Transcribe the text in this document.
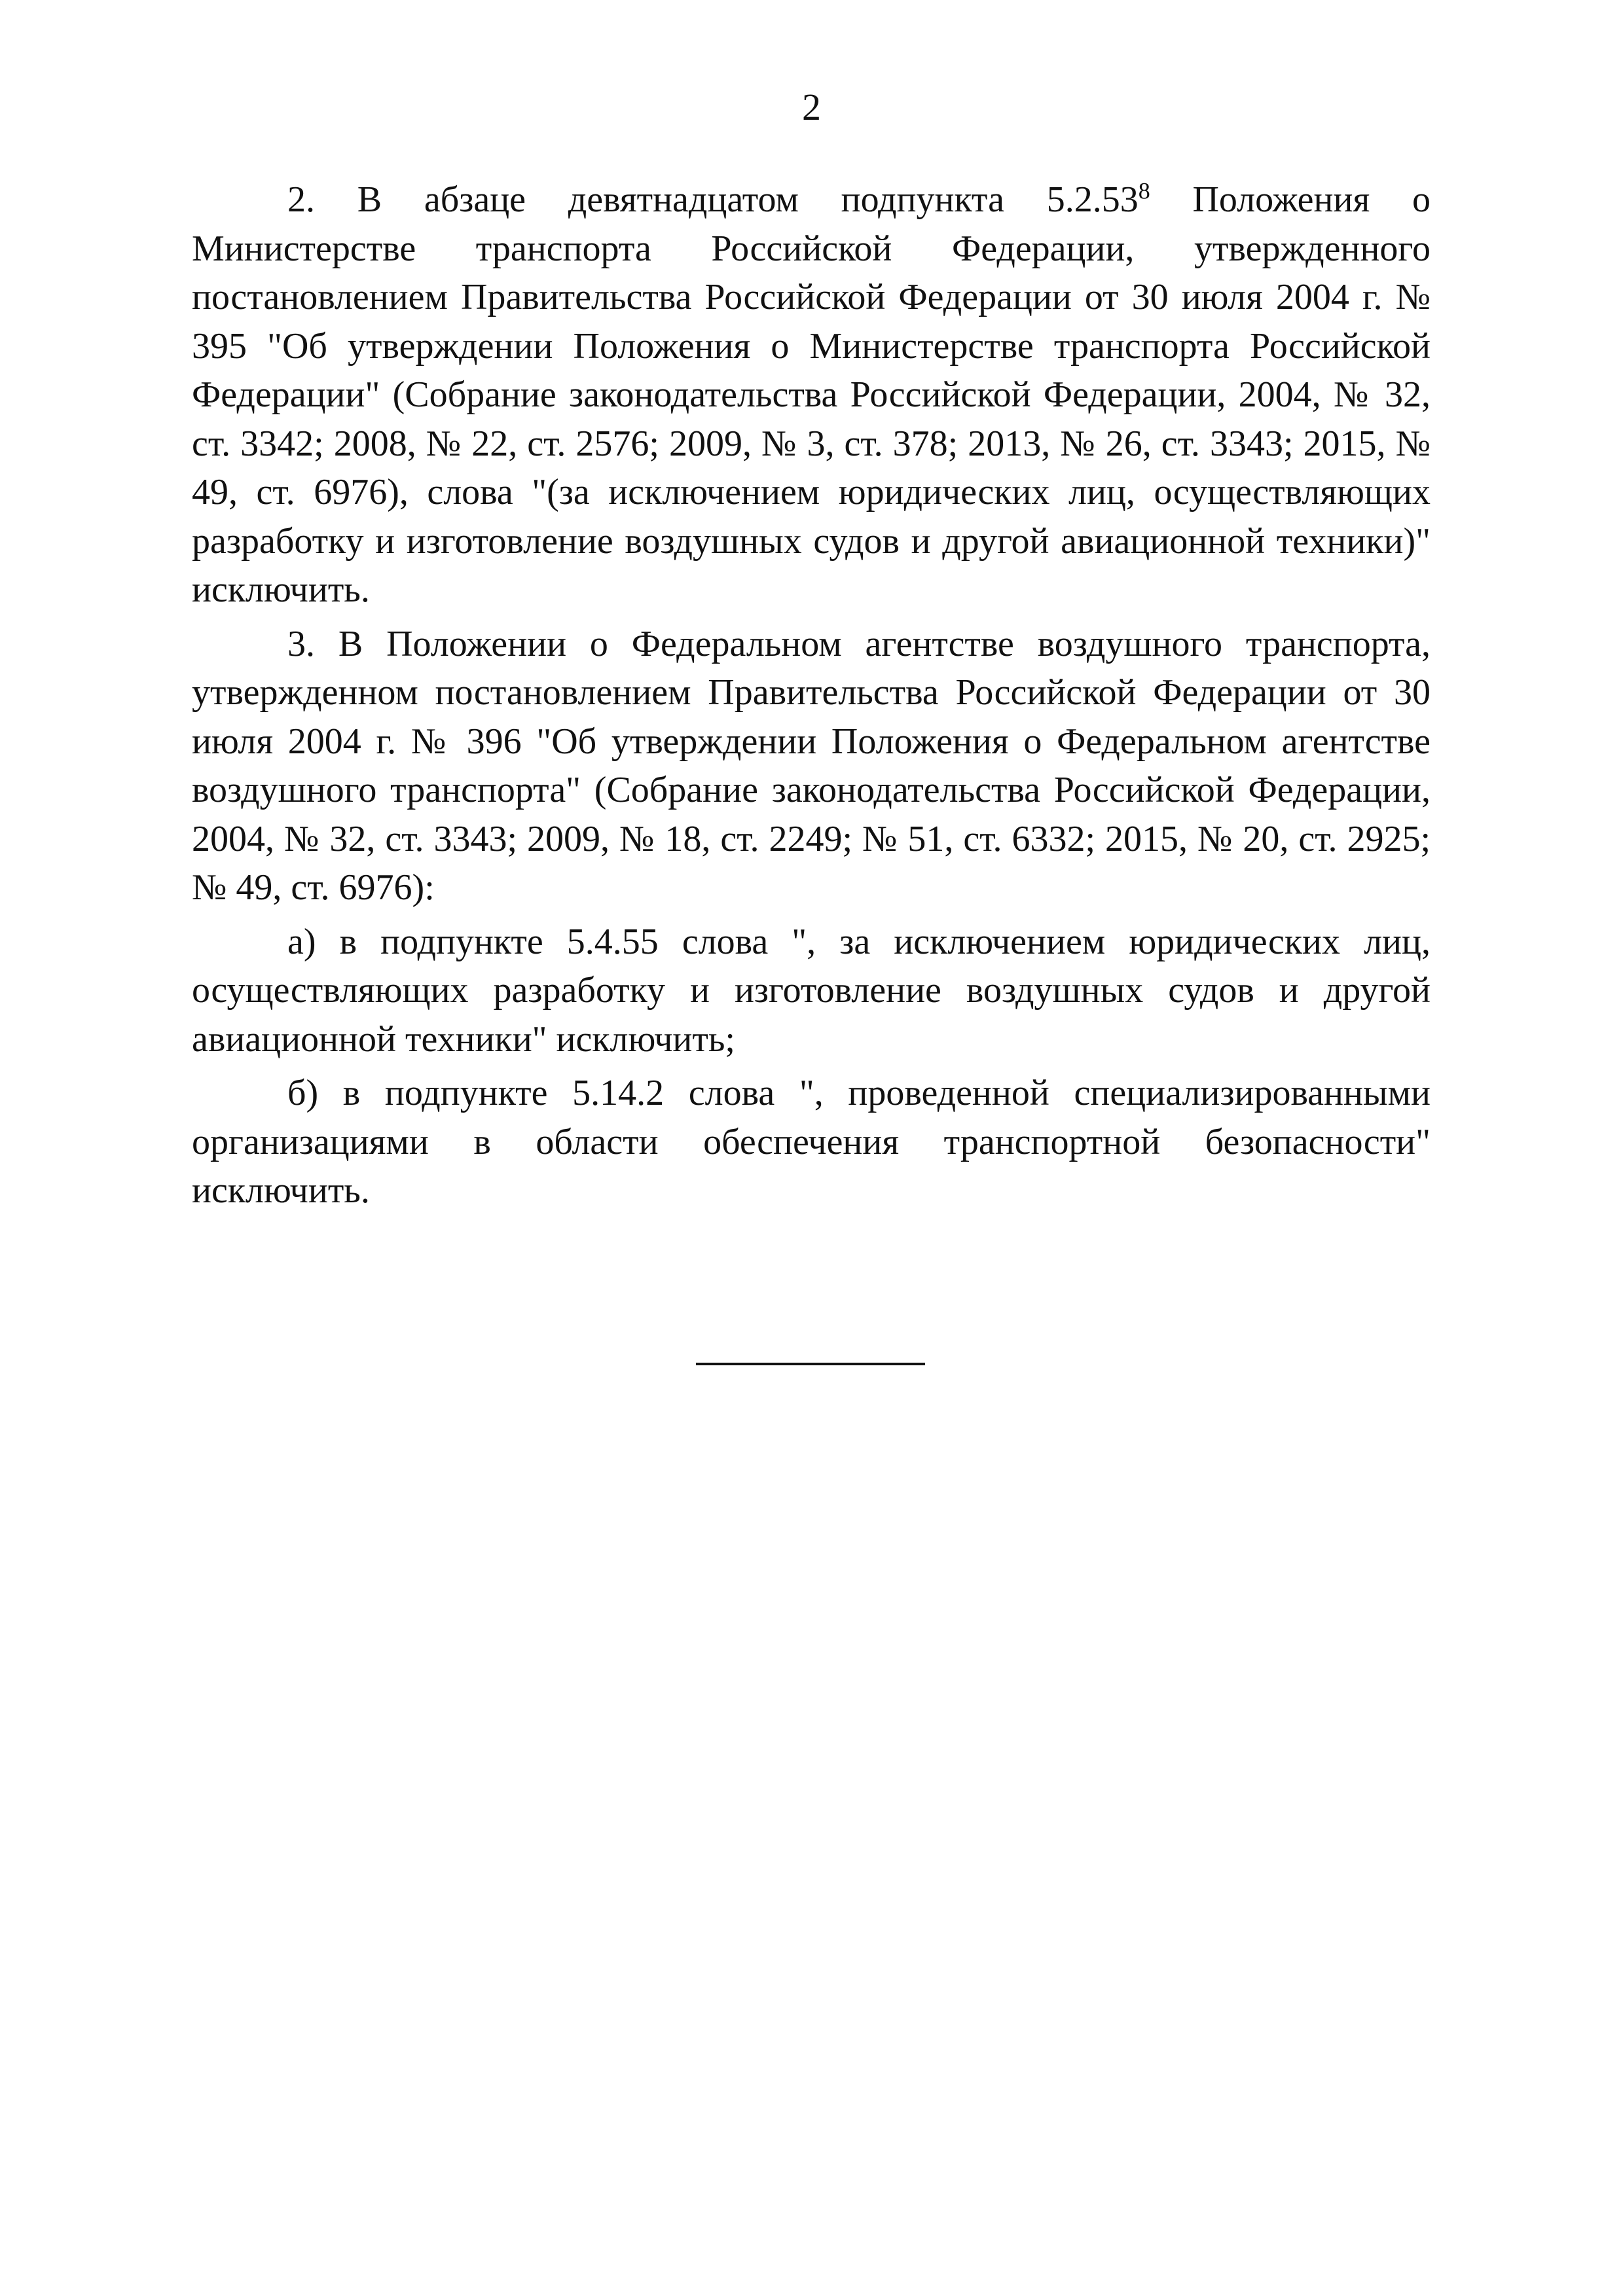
2

2. В абзаце девятнадцатом подпункта 5.2.53$^8$ Положения о Министерстве транспорта Российской Федерации, утвержденного постановлением Правительства Российской Федерации от 30 июля 2004 г. № 395 "Об утверждении Положения о Министерстве транспорта Российской Федерации" (Собрание законодательства Российской Федерации, 2004, № 32, ст. 3342; 2008, № 22, ст. 2576; 2009, № 3, ст. 378; 2013, № 26, ст. 3343; 2015, № 49, ст. 6976), слова "(за исключением юридических лиц, осуществляющих разработку и изготовление воздушных судов и другой авиационной техники)" исключить.

3. В Положении о Федеральном агентстве воздушного транспорта, утвержденном постановлением Правительства Российской Федерации от 30 июля 2004 г. № 396 "Об утверждении Положения о Федеральном агентстве воздушного транспорта" (Собрание законодательства Российской Федерации, 2004, № 32, ст. 3343; 2009, № 18, ст. 2249; № 51, ст. 6332; 2015, № 20, ст. 2925; № 49, ст. 6976):

а) в подпункте 5.4.55 слова ", за исключением юридических лиц, осуществляющих разработку и изготовление воздушных судов и другой авиационной техники" исключить;

б) в подпункте 5.14.2 слова ", проведенной специализированными организациями в области обеспечения транспортной безопасности" исключить.
